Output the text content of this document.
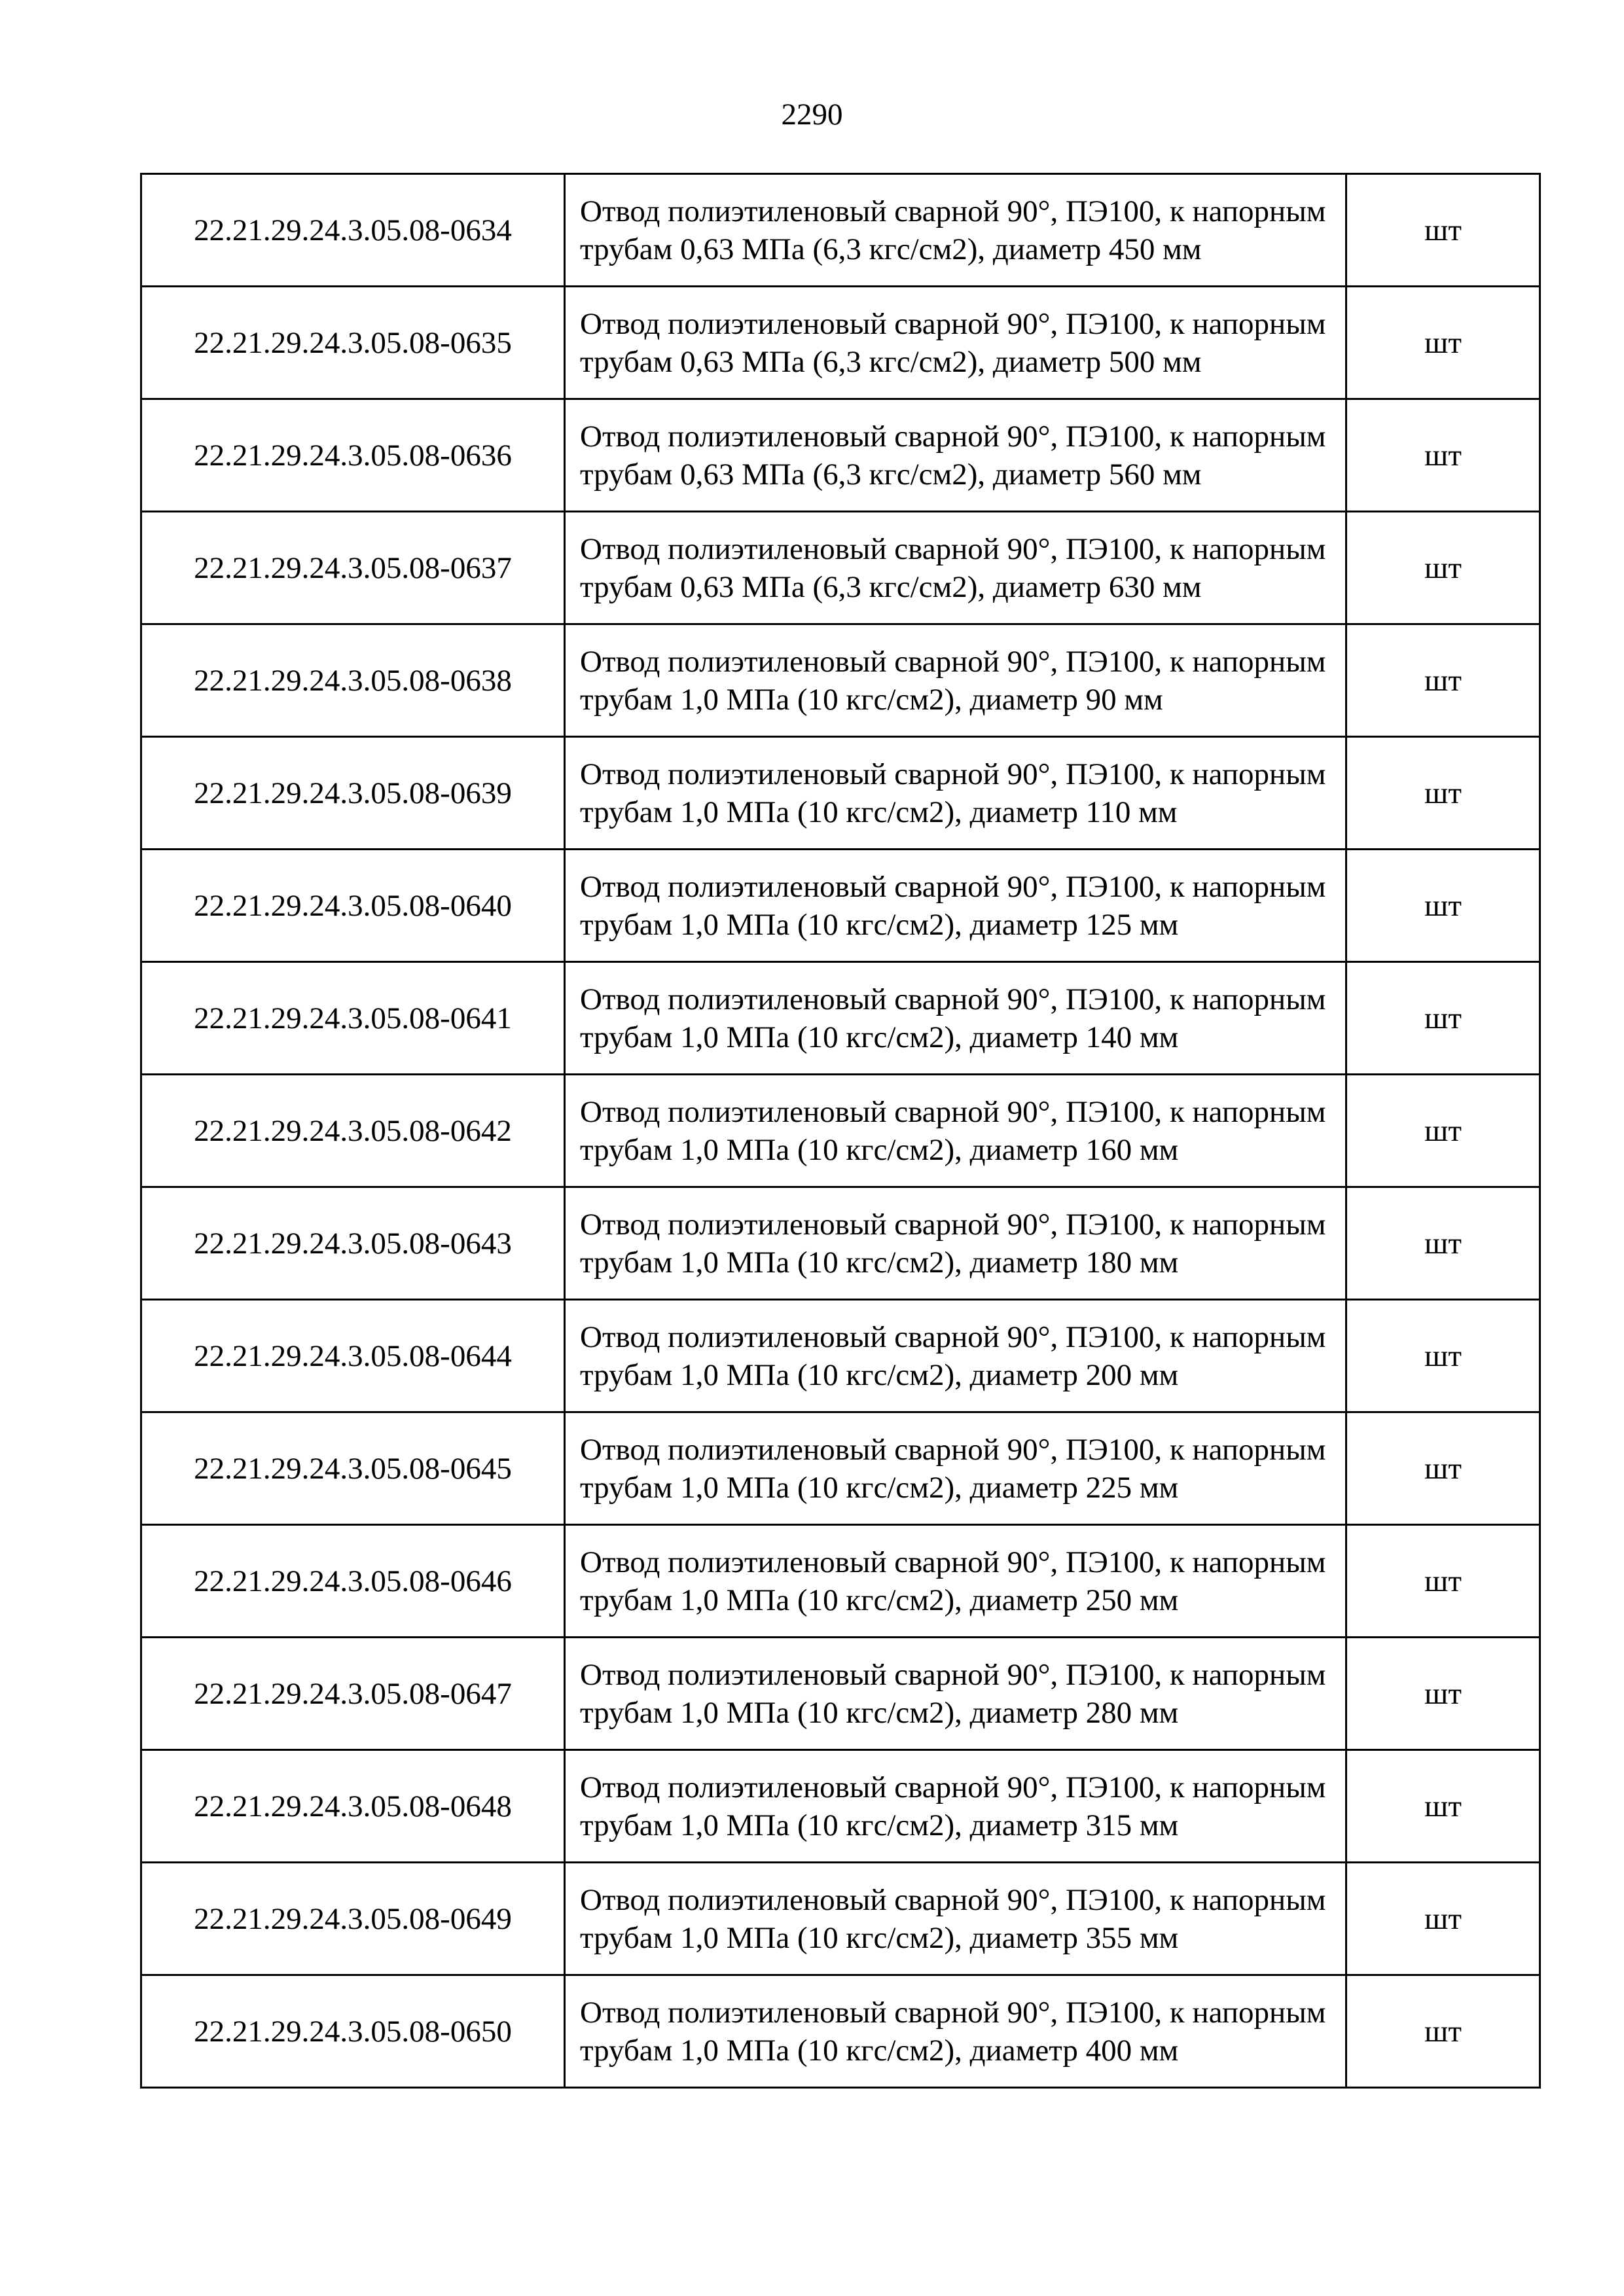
2290
22.21.29.24.3.05.08-0634	Отвод полиэтиленовый сварной 90°, ПЭ100, к напорным трубам 0,63 МПа (6,3 кгс/см2), диаметр 450 мм	шт
22.21.29.24.3.05.08-0635	Отвод полиэтиленовый сварной 90°, ПЭ100, к напорным трубам 0,63 МПа (6,3 кгс/см2), диаметр 500 мм	шт
22.21.29.24.3.05.08-0636	Отвод полиэтиленовый сварной 90°, ПЭ100, к напорным трубам 0,63 МПа (6,3 кгс/см2), диаметр 560 мм	шт
22.21.29.24.3.05.08-0637	Отвод полиэтиленовый сварной 90°, ПЭ100, к напорным трубам 0,63 МПа (6,3 кгс/см2), диаметр 630 мм	шт
22.21.29.24.3.05.08-0638	Отвод полиэтиленовый сварной 90°, ПЭ100, к напорным трубам 1,0 МПа (10 кгс/см2), диаметр 90 мм	шт
22.21.29.24.3.05.08-0639	Отвод полиэтиленовый сварной 90°, ПЭ100, к напорным трубам 1,0 МПа (10 кгс/см2), диаметр 110 мм	шт
22.21.29.24.3.05.08-0640	Отвод полиэтиленовый сварной 90°, ПЭ100, к напорным трубам 1,0 МПа (10 кгс/см2), диаметр 125 мм	шт
22.21.29.24.3.05.08-0641	Отвод полиэтиленовый сварной 90°, ПЭ100, к напорным трубам 1,0 МПа (10 кгс/см2), диаметр 140 мм	шт
22.21.29.24.3.05.08-0642	Отвод полиэтиленовый сварной 90°, ПЭ100, к напорным трубам 1,0 МПа (10 кгс/см2), диаметр 160 мм	шт
22.21.29.24.3.05.08-0643	Отвод полиэтиленовый сварной 90°, ПЭ100, к напорным трубам 1,0 МПа (10 кгс/см2), диаметр 180 мм	шт
22.21.29.24.3.05.08-0644	Отвод полиэтиленовый сварной 90°, ПЭ100, к напорным трубам 1,0 МПа (10 кгс/см2), диаметр 200 мм	шт
22.21.29.24.3.05.08-0645	Отвод полиэтиленовый сварной 90°, ПЭ100, к напорным трубам 1,0 МПа (10 кгс/см2), диаметр 225 мм	шт
22.21.29.24.3.05.08-0646	Отвод полиэтиленовый сварной 90°, ПЭ100, к напорным трубам 1,0 МПа (10 кгс/см2), диаметр 250 мм	шт
22.21.29.24.3.05.08-0647	Отвод полиэтиленовый сварной 90°, ПЭ100, к напорным трубам 1,0 МПа (10 кгс/см2), диаметр 280 мм	шт
22.21.29.24.3.05.08-0648	Отвод полиэтиленовый сварной 90°, ПЭ100, к напорным трубам 1,0 МПа (10 кгс/см2), диаметр 315 мм	шт
22.21.29.24.3.05.08-0649	Отвод полиэтиленовый сварной 90°, ПЭ100, к напорным трубам 1,0 МПа (10 кгс/см2), диаметр 355 мм	шт
22.21.29.24.3.05.08-0650	Отвод полиэтиленовый сварной 90°, ПЭ100, к напорным трубам 1,0 МПа (10 кгс/см2), диаметр 400 мм	шт
